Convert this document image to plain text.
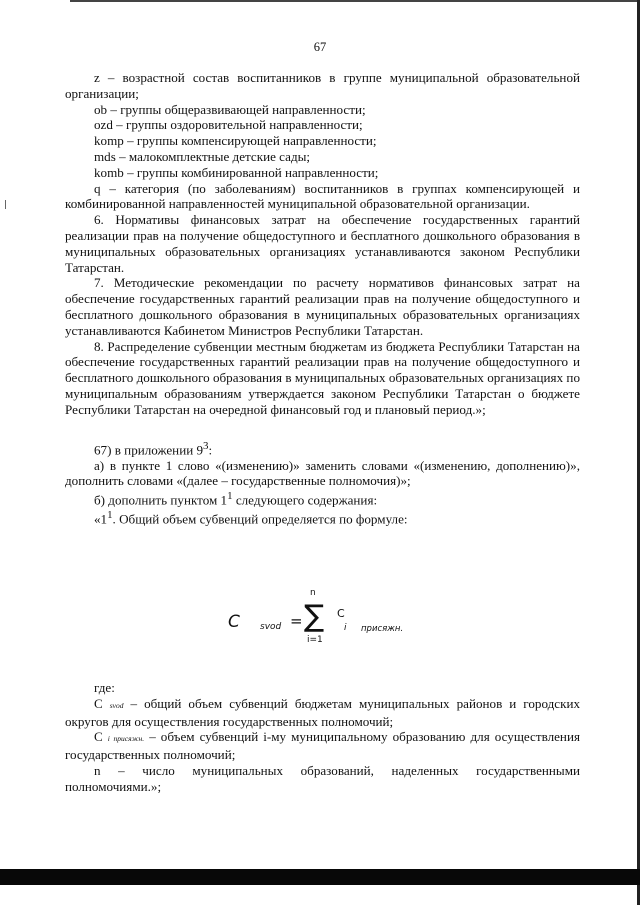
67

z – возрастной состав воспитанников в группе муниципальной образовательной организации;

ob – группы общеразвивающей направленности;

ozd – группы оздоровительной направленности;

komp – группы компенсирующей направленности;

mds – малокомплектные детские сады;

komb – группы комбинированной направленности;

q – категория (по заболеваниям) воспитанников в группах компенсирующей и комбинированной направленностей муниципальной образовательной организации.

6. Нормативы финансовых затрат на обеспечение государственных гарантий реализации прав на получение общедоступного и бесплатного дошкольного образования в муниципальных образовательных организациях устанавливаются законом Республики Татарстан.

7. Методические рекомендации по расчету нормативов финансовых затрат на обеспечение государственных гарантий реализации прав на получение общедоступного и бесплатного дошкольного образования в муниципальных образовательных организациях устанавливаются Кабинетом Министров Республики Татарстан.

8. Распределение субвенции местным бюджетам из бюджета Республики Татарстан на обеспечение государственных гарантий реализации прав на получение общедоступного и бесплатного дошкольного образования в муниципальных образовательных организациях по муниципальным образованиям утверждается законом Республики Татарстан о бюджете Республики Татарстан на очередной финансовый год и плановый период.»;

67) в приложении $9^3$:

а) в пункте 1 слово «(изменению)» заменить словами «(изменению, дополнению)», дополнить словами «(далее – государственные полномочия)»;

б) дополнить пунктом $1^1$ следующего содержания:

«$1^1$. Общий объем субвенций определяется по формуле:

C svod = ∑
n
i=1
C
i присяжн.

где:

С svod – общий объем субвенций бюджетам муниципальных районов и городских округов для осуществления государственных полномочий;

С i присяжн. – объем субвенций i-му муниципальному образованию для осуществления государственных полномочий;

n – число муниципальных образований, наделенных государственными полномочиями.»;
